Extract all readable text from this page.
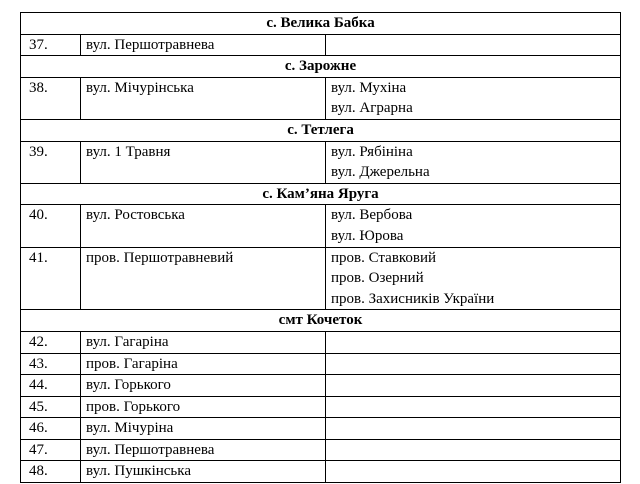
с. Велика Бабка		
37.	вул. Першотравнева	

с. Зарожне		
38.	вул. Мічурінська	вул. Мухіна
вул. Аграрна

с. Тетлега		
39.	вул. 1 Травня	вул. Рябініна
вул. Джерельна

с. Кам’яна Яруга		
40.	вул. Ростовська	вул. Вербова
вул. Юрова

41.	пров. Першотравневий	пров. Ставковий
пров. Озерний
пров. Захисників України

смт Кочеток		
42.	вул. Гагаріна	

43.	пров. Гагаріна	

44.	вул. Горького	

45.	пров. Горького	

46.	вул. Мічуріна	

47.	вул. Першотравнева	

48.	вул. Пушкінська	
